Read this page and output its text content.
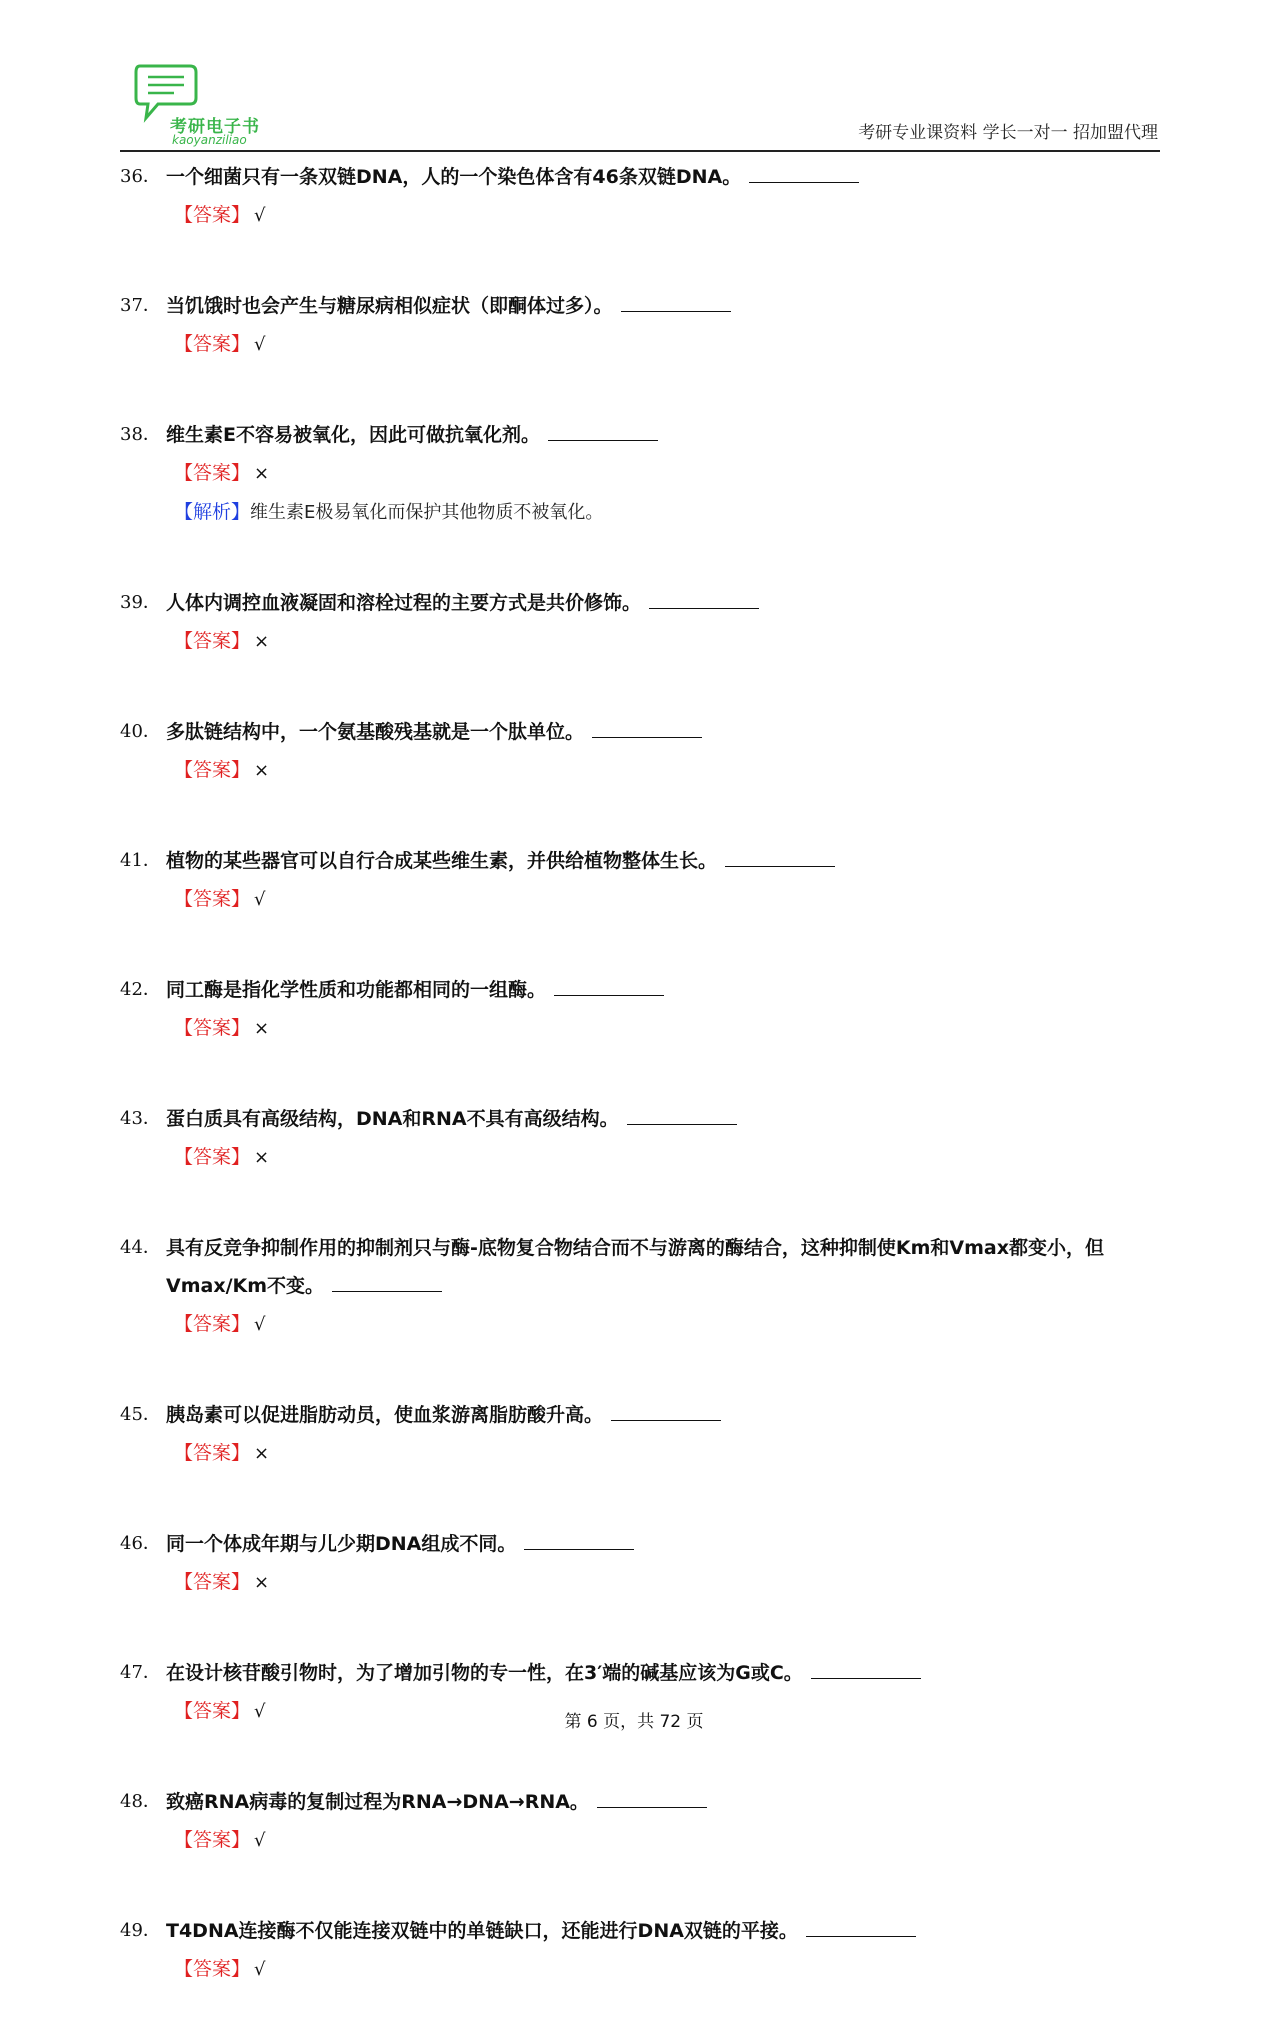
考研电子书
kaoyanziliao	考研专业课资料 学长一对一 招加盟代理
36． 一个细菌只有一条双链DNA，人的一个染色体含有46条双链DNA。
【答案】 √
37． 当饥饿时也会产生与糖尿病相似症状（即酮体过多）。
【答案】 √
38． 维生素E不容易被氧化，因此可做抗氧化剂。
【答案】 ×
【解析】维生素E极易氧化而保护其他物质不被氧化。
39． 人体内调控血液凝固和溶栓过程的主要方式是共价修饰。
【答案】 ×
40． 多肽链结构中，一个氨基酸残基就是一个肽单位。
【答案】 ×
41． 植物的某些器官可以自行合成某些维生素，并供给植物整体生长。
【答案】 √
42． 同工酶是指化学性质和功能都相同的一组酶。
【答案】 ×
43． 蛋白质具有高级结构，DNA和RNA不具有高级结构。
【答案】 ×
44． 具有反竞争抑制作用的抑制剂只与酶-底物复合物结合而不与游离的酶结合，这种抑制使Km和Vmax都变小，但Vmax/Km不变。
【答案】 √
45． 胰岛素可以促进脂肪动员，使血浆游离脂肪酸升高。
【答案】 ×
46． 同一个体成年期与儿少期DNA组成不同。
【答案】 ×
47． 在设计核苷酸引物时，为了增加引物的专一性，在3′端的碱基应该为G或C。
【答案】 √
48． 致癌RNA病毒的复制过程为RNA→DNA→RNA。
【答案】 √
49． T4DNA连接酶不仅能连接双链中的单链缺口，还能进行DNA双链的平接。
【答案】 √
第 6 页，共 72 页
